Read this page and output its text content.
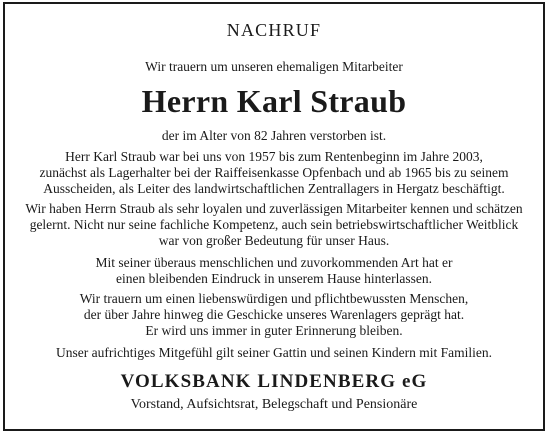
NACHRUF

Wir trauern um unseren ehemaligen Mitarbeiter

Herrn Karl Straub

der im Alter von 82 Jahren verstorben ist.

Herr Karl Straub war bei uns von 1957 bis zum Rentenbeginn im Jahre 2003,
zunächst als Lagerhalter bei der Raiffeisenkasse Opfenbach und ab 1965 bis zu seinem
Ausscheiden, als Leiter des landwirtschaftlichen Zentrallagers in Hergatz beschäftigt.
Wir haben Herrn Straub als sehr loyalen und zuverlässigen Mitarbeiter kennen und schätzen
gelernt. Nicht nur seine fachliche Kompetenz, auch sein betriebswirtschaftlicher Weitblick
war von großer Bedeutung für unser Haus.
Mit seiner überaus menschlichen und zuvorkommenden Art hat er
einen bleibenden Eindruck in unserem Hause hinterlassen.
Wir trauern um einen liebenswürdigen und pflichtbewussten Menschen,
der über Jahre hinweg die Geschicke unseres Warenlagers geprägt hat.
Er wird uns immer in guter Erinnerung bleiben.
Unser aufrichtiges Mitgefühl gilt seiner Gattin und seinen Kindern mit Familien.

VOLKSBANK LINDENBERG eG

Vorstand, Aufsichtsrat, Belegschaft und Pensionäre
